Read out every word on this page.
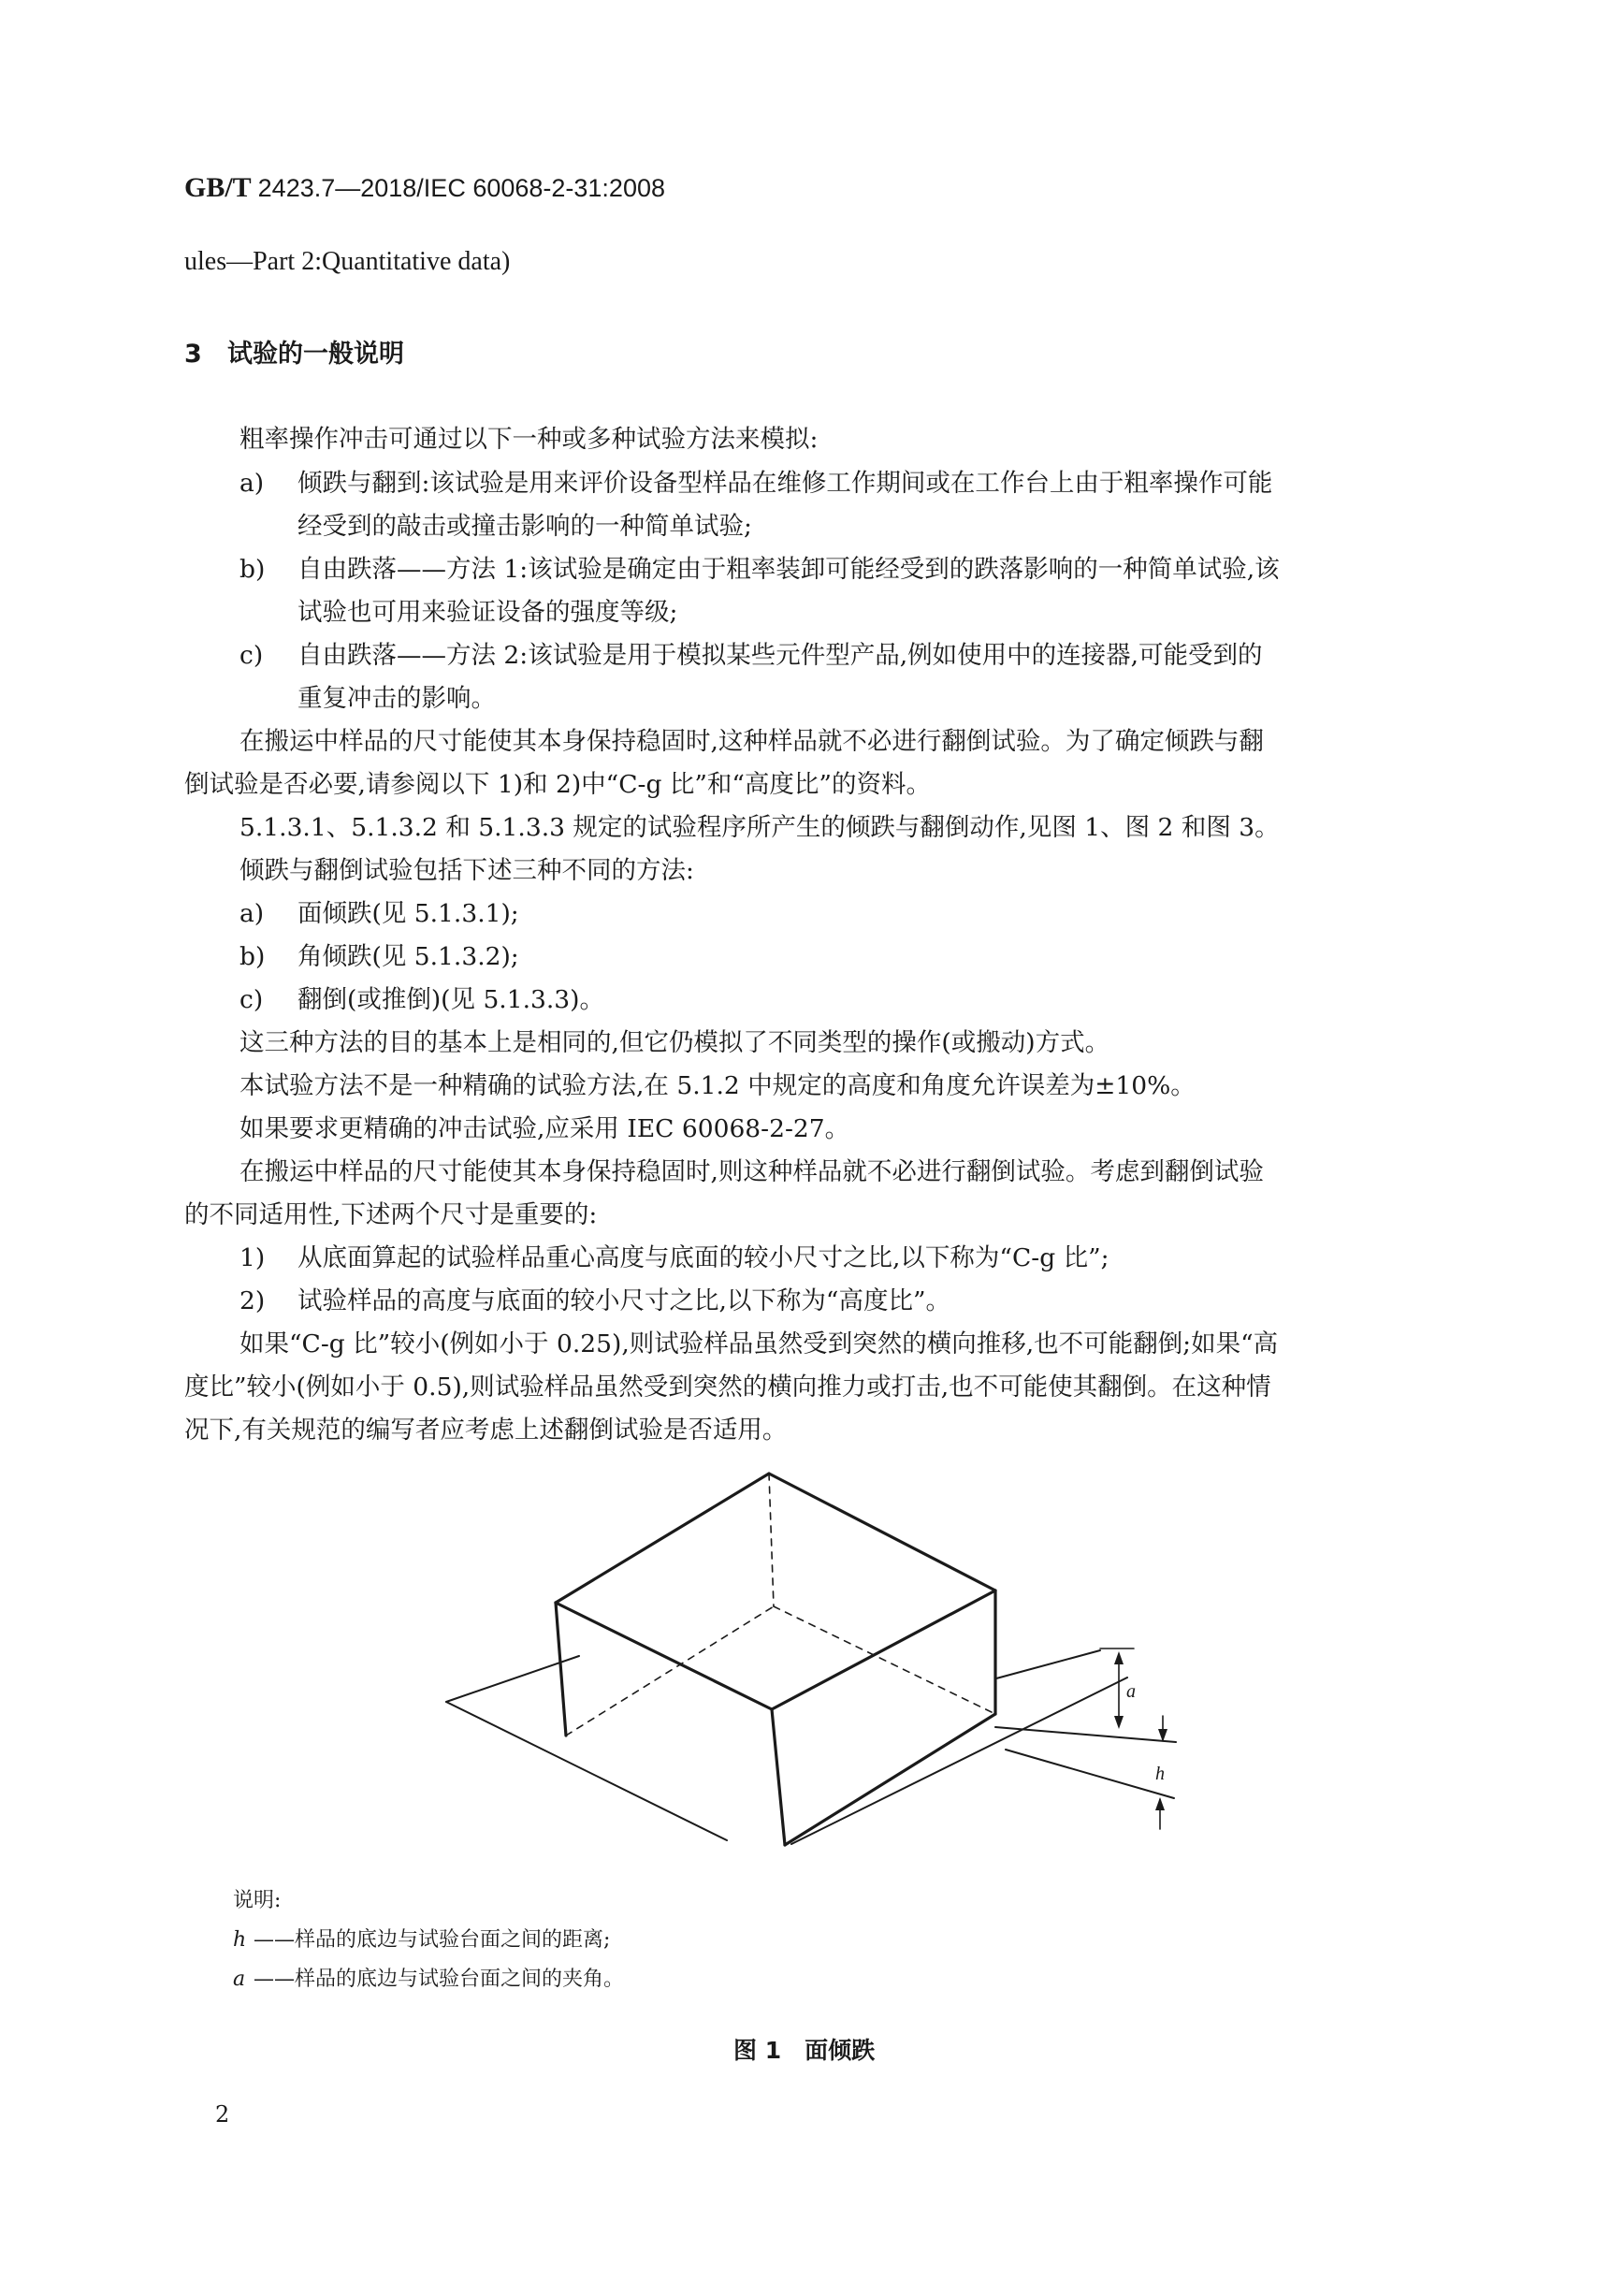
GB/T 2423.7—2018/IEC 60068-2-31:2008
ules—Part 2:Quantitative data)
3 试验的一般说明
粗率操作冲击可通过以下一种或多种试验方法来模拟:
a) 倾跌与翻到:该试验是用来评价设备型样品在维修工作期间或在工作台上由于粗率操作可能
经受到的敲击或撞击影响的一种简单试验;
b) 自由跌落——方法 1:该试验是确定由于粗率装卸可能经受到的跌落影响的一种简单试验,该
试验也可用来验证设备的强度等级;
c) 自由跌落——方法 2:该试验是用于模拟某些元件型产品,例如使用中的连接器,可能受到的
重复冲击的影响。
在搬运中样品的尺寸能使其本身保持稳固时,这种样品就不必进行翻倒试验。为了确定倾跌与翻
倒试验是否必要,请参阅以下 1)和 2)中“C-g 比”和“高度比”的资料。
5.1.3.1、5.1.3.2 和 5.1.3.3 规定的试验程序所产生的倾跌与翻倒动作,见图 1、图 2 和图 3。
倾跌与翻倒试验包括下述三种不同的方法:
a) 面倾跌(见 5.1.3.1);
b) 角倾跌(见 5.1.3.2);
c) 翻倒(或推倒)(见 5.1.3.3)。
这三种方法的目的基本上是相同的,但它仍模拟了不同类型的操作(或搬动)方式。
本试验方法不是一种精确的试验方法,在 5.1.2 中规定的高度和角度允许误差为±10%。
如果要求更精确的冲击试验,应采用 IEC 60068-2-27。
在搬运中样品的尺寸能使其本身保持稳固时,则这种样品就不必进行翻倒试验。考虑到翻倒试验
的不同适用性,下述两个尺寸是重要的:
1) 从底面算起的试验样品重心高度与底面的较小尺寸之比,以下称为“C-g 比”;
2) 试验样品的高度与底面的较小尺寸之比,以下称为“高度比”。
如果“C-g 比”较小(例如小于 0.25),则试验样品虽然受到突然的横向推移,也不可能翻倒;如果“高
度比”较小(例如小于 0.5),则试验样品虽然受到突然的横向推力或打击,也不可能使其翻倒。在这种情
况下,有关规范的编写者应考虑上述翻倒试验是否适用。
a
h
说明:
h ——样品的底边与试验台面之间的距离;
a ——样品的底边与试验台面之间的夹角。
图 1　面倾跌
2
